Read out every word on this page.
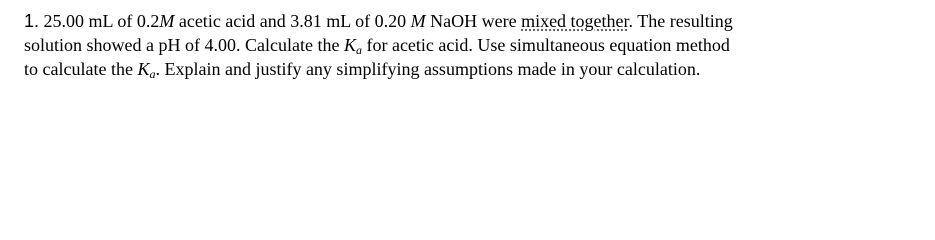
1. 25.00 mL of 0.2M acetic acid and 3.81 mL of 0.20 M NaOH were mixed together. The resulting
solution showed a pH of 4.00. Calculate the $K_a$ for acetic acid. Use simultaneous equation method
to calculate the $K_a$. Explain and justify any simplifying assumptions made in your calculation.
